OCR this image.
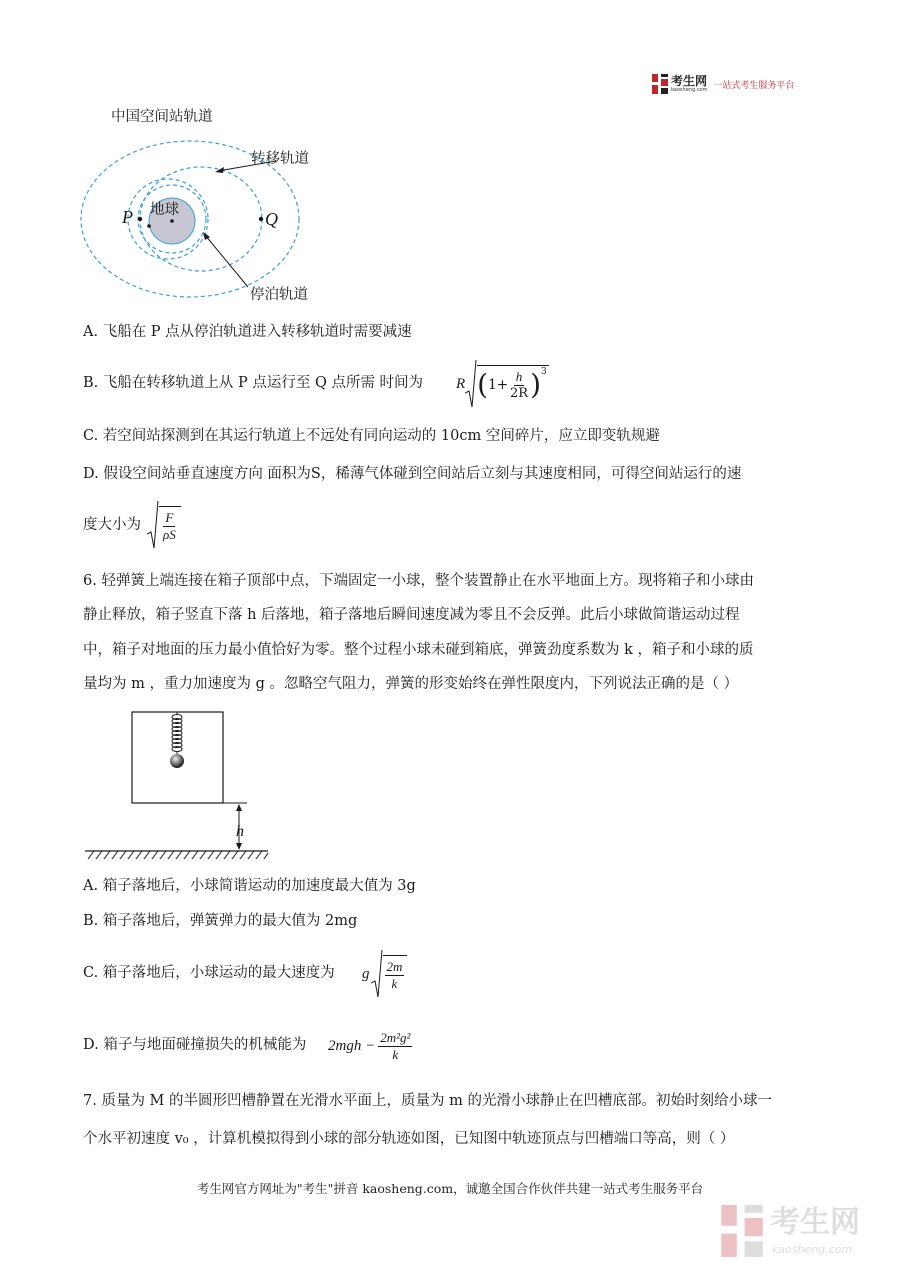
考生网
kaosheng.com 一站式考生服务平台
中国空间站轨道
转移轨道
地球
P	Q
停泊轨道
A. 飞船在 P 点从停泊轨道进入转移轨道时需要减速
B. 飞船在转移轨道上从 P 点运行至 Q 点所需 时间为 R ( $1+ \frac{h}{2R} )^3$
C. 若空间站探测到在其运行轨道上不远处有同向运动的 10cm 空间碎片，应立即变轨规避
D. 假设空间站垂直速度方向 面积为S，稀薄气体碰到空间站后立刻与其速度相同，可得空间站运行的速
度大小为 $\frac{F}{\rho S}$
6. 轻弹簧上端连接在箱子顶部中点，下端固定一小球，整个装置静止在水平地面上方。现将箱子和小球由
静止释放，箱子竖直下落 h 后落地，箱子落地后瞬间速度减为零且不会反弹。此后小球做简谐运动过程
中，箱子对地面的压力最小值恰好为零。整个过程小球未碰到箱底，弹簧劲度系数为 k ，箱子和小球的质
量均为 m ，重力加速度为 g 。忽略空气阻力，弹簧的形变始终在弹性限度内，下列说法正确的是（ ）
h
A. 箱子落地后，小球简谐运动的加速度最大值为 3g
B. 箱子落地后，弹簧弹力的最大值为 2mg
C. 箱子落地后，小球运动的最大速度为 g $\frac{2m}{k}$
D. 箱子与地面碰撞损失的机械能为 $2mgh - \frac{\text{2m²g²}}{k}$
7. 质量为 M 的半圆形凹槽静置在光滑水平面上，质量为 m 的光滑小球静止在凹槽底部。初始时刻给小球一
个水平初速度 v₀ ，计算机模拟得到小球的部分轨迹如图，已知图中轨迹顶点与凹槽端口等高，则（ ）
考生网官方网址为"考生"拼音 kaosheng.com，诚邀全国合作伙伴共建一站式考生服务平台
考生网
kaosheng.com
